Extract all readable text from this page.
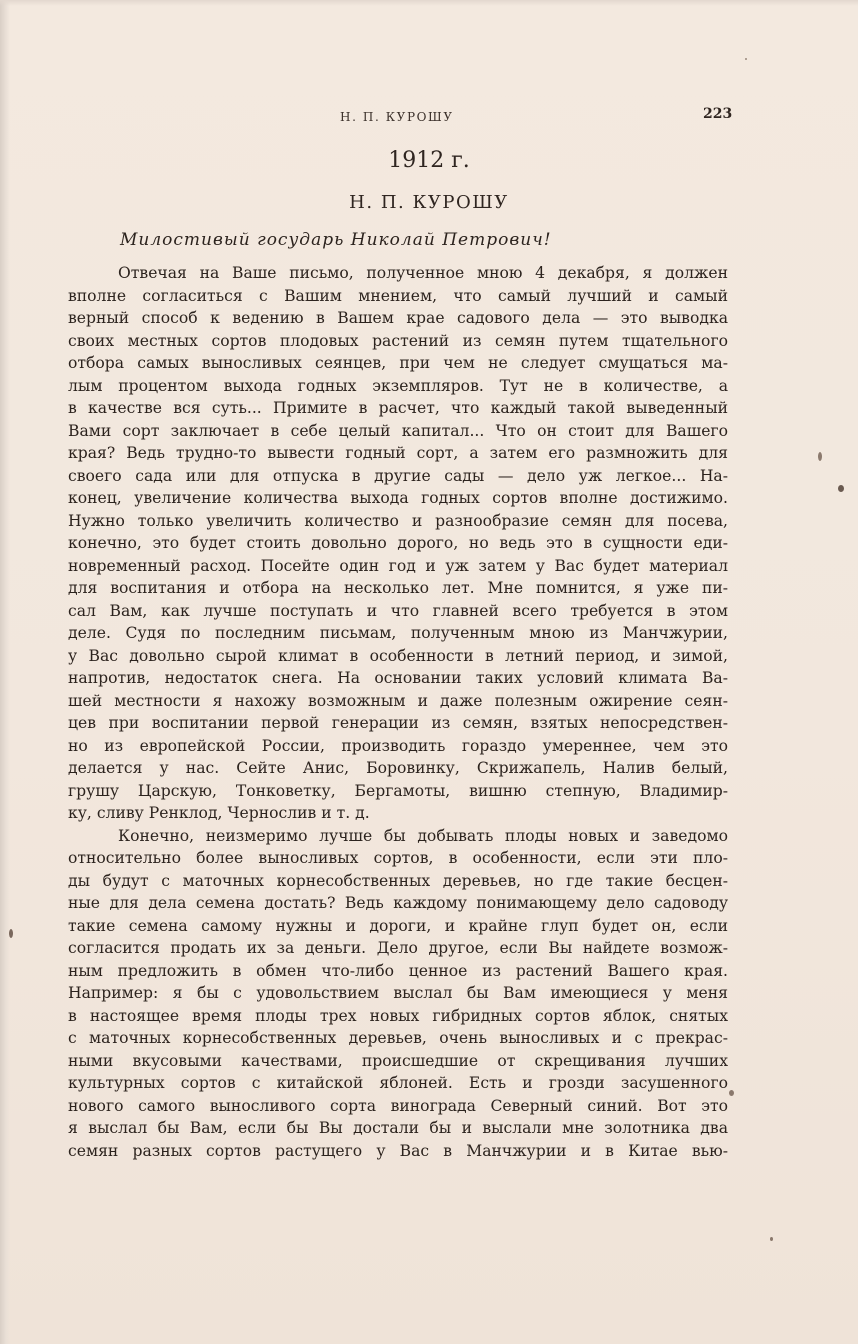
Н. П. КУРОШУ	223
1912 г.
Н. П. КУРОШУ
Милостивый государь Николай Петрович!
Отвечая на Ваше письмо, полученное мною 4 декабря, я должен
вполне согласиться с Вашим мнением, что самый лучший и самый
верный способ к ведению в Вашем крае садового дела — это выводка
своих местных сортов плодовых растений из семян путем тщательного
отбора самых выносливых сеянцев, при чем не следует смущаться ма-
лым процентом выхода годных экземпляров. Тут не в количестве, а
в качестве вся суть... Примите в расчет, что каждый такой выведенный
Вами сорт заключает в себе целый капитал... Что он стоит для Вашего
края? Ведь трудно-то вывести годный сорт, а затем его размножить для
своего сада или для отпуска в другие сады — дело уж легкое... На-
конец, увеличение количества выхода годных сортов вполне достижимо.
Нужно только увеличить количество и разнообразие семян для посева,
конечно, это будет стоить довольно дорого, но ведь это в сущности еди-
новременный расход. Посейте один год и уж затем у Вас будет материал
для воспитания и отбора на несколько лет. Мне помнится, я уже пи-
сал Вам, как лучше поступать и что главней всего требуется в этом
деле. Судя по последним письмам, полученным мною из Манчжурии,
у Вас довольно сырой климат в особенности в летний период, и зимой,
напротив, недостаток снега. На основании таких условий климата Ва-
шей местности я нахожу возможным и даже полезным ожирение сеян-
цев при воспитании первой генерации из семян, взятых непосредствен-
но из европейской России, производить гораздо умереннее, чем это
делается у нас. Сейте Анис, Боровинку, Скрижапель, Налив белый,
грушу Царскую, Тонковетку, Бергамоты, вишню степную, Владимир-
ку, сливу Ренклод, Чернослив и т. д.
Конечно, неизмеримо лучше бы добывать плоды новых и заведомо
относительно более выносливых сортов, в особенности, если эти пло-
ды будут с маточных корнесобственных деревьев, но где такие бесцен-
ные для дела семена достать? Ведь каждому понимающему дело садоводу
такие семена самому нужны и дороги, и крайне глуп будет он, если
согласится продать их за деньги. Дело другое, если Вы найдете возмож-
ным предложить в обмен что-либо ценное из растений Вашего края.
Например: я бы с удовольствием выслал бы Вам имеющиеся у меня
в настоящее время плоды трех новых гибридных сортов яблок, снятых
с маточных корнесобственных деревьев, очень выносливых и с прекрас-
ными вкусовыми качествами, происшедшие от скрещивания лучших
культурных сортов с китайской яблоней. Есть и грозди засушенного
нового самого выносливого сорта винограда Северный синий. Вот это
я выслал бы Вам, если бы Вы достали бы и выслали мне золотника два
семян разных сортов растущего у Вас в Манчжурии и в Китае вью-
